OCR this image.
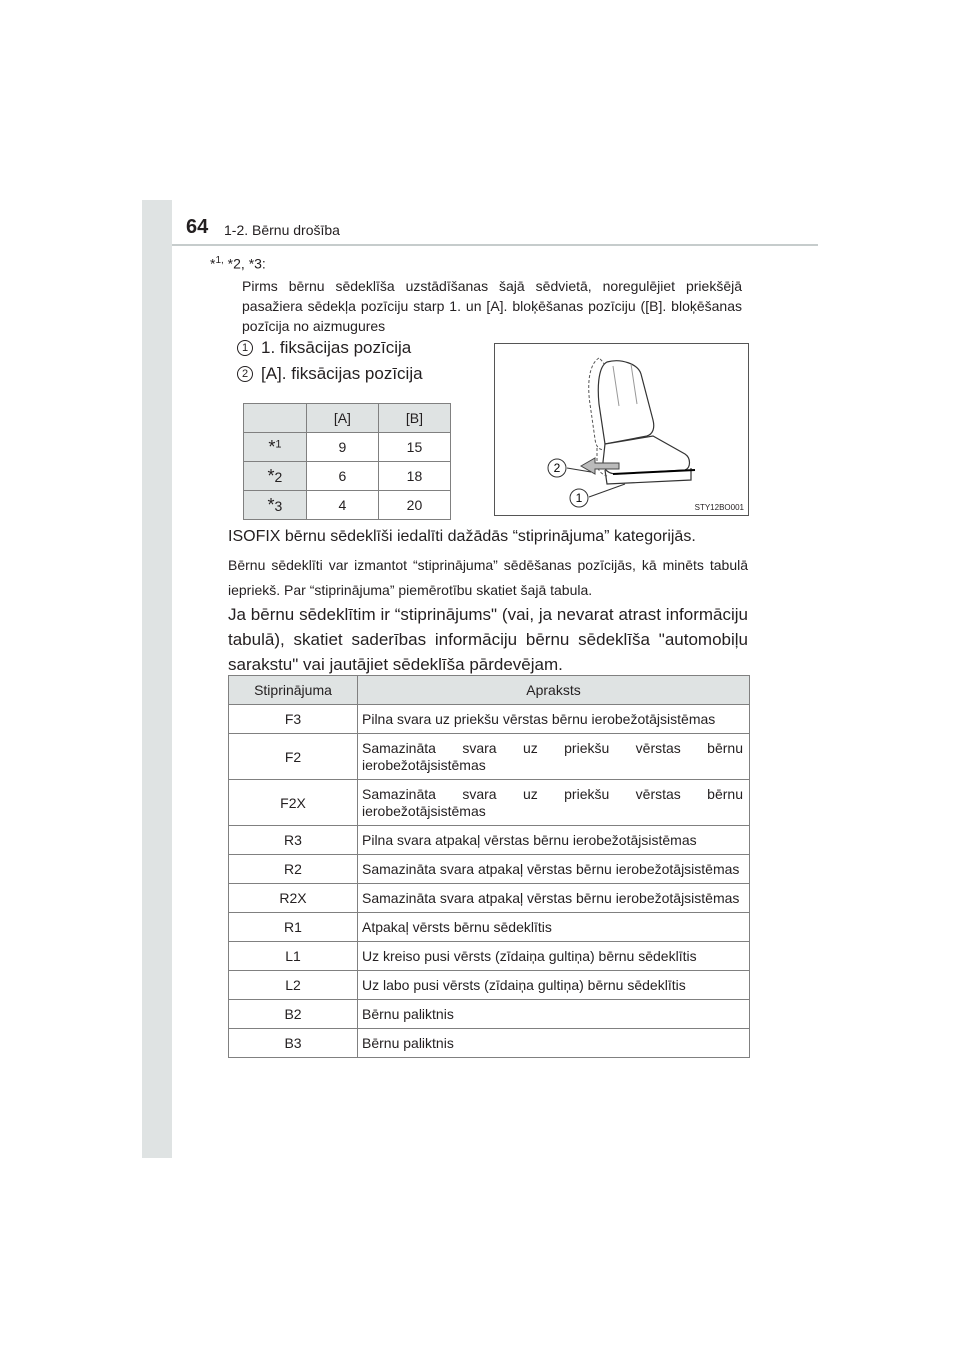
64 1-2. Bērnu drošība
*$^{1,}$ *2, *3:
Pirms bērnu sēdeklīša uzstādīšanas šajā sēdvietā, noregulējiet priekšējā pasažiera sēdekļa pozīciju starp 1. un [A]. bloķēšanas pozīciju ([B]. bloķēšanas pozīcija no aizmugures
1 1. fiksācijas pozīcija
2 [A]. fiksācijas pozīcija
	[A]	[B]
*$^1$	9	15
*2	6	18
*3	4	20
2
1
STY12BO001
ISOFIX bērnu sēdeklīši iedalīti dažādās “stiprinājuma” kategorijās.
Bērnu sēdeklīti var izmantot “stiprinājuma” sēdēšanas pozīcijās, kā minēts tabulā iepriekš. Par “stiprinājuma” piemērotību skatiet šajā tabula.
Ja bērnu sēdeklītim ir “stiprinājums" (vai, ja nevarat atrast informāciju tabulā), skatiet saderības informāciju bērnu sēdeklīša "automobiļu sarakstu" vai jautājiet sēdeklīša pārdevējam.
Stiprinājuma	Apraksts
F3	Pilna svara uz priekšu vērstas bērnu ierobežotājsistēmas
F2	Samazināta svara uz priekšu vērstas bērnu ierobežotājsistēmas
F2X	Samazināta svara uz priekšu vērstas bērnu ierobežotājsistēmas
R3	Pilna svara atpakaļ vērstas bērnu ierobežotājsistēmas
R2	Samazināta svara atpakaļ vērstas bērnu ierobežotājsistēmas
R2X	Samazināta svara atpakaļ vērstas bērnu ierobežotājsistēmas
R1	Atpakaļ vērsts bērnu sēdeklītis
L1	Uz kreiso pusi vērsts (zīdaiņa gultiņa) bērnu sēdeklītis
L2	Uz labo pusi vērsts (zīdaiņa gultiņa) bērnu sēdeklītis
B2	Bērnu paliktnis
B3	Bērnu paliktnis
